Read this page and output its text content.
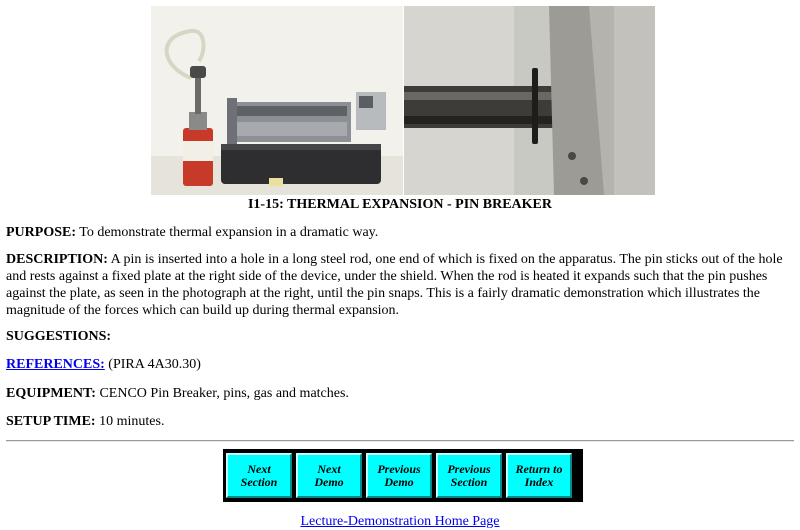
I1-15: THERMAL EXPANSION - PIN BREAKER

PURPOSE: To demonstrate thermal expansion in a dramatic way.

DESCRIPTION: A pin is inserted into a hole in a long steel rod, one end of which is fixed on the apparatus. The pin sticks out of the hole and rests against a fixed plate at the right side of the device, under the shield. When the rod is heated it expands such that the pin pushes against the plate, as seen in the photograph at the right, until the pin snaps. This is a fairly dramatic demonstration which illustrates the magnitude of the forces which can build up during thermal expansion.

SUGGESTIONS:

REFERENCES: (PIRA 4A30.30)

EQUIPMENT: CENCO Pin Breaker, pins, gas and matches.

SETUP TIME: 10 minutes.

Next
Section
Next
Demo
Previous
Demo
Previous
Section
Return to
Index
Lecture-Demonstration Home Page
